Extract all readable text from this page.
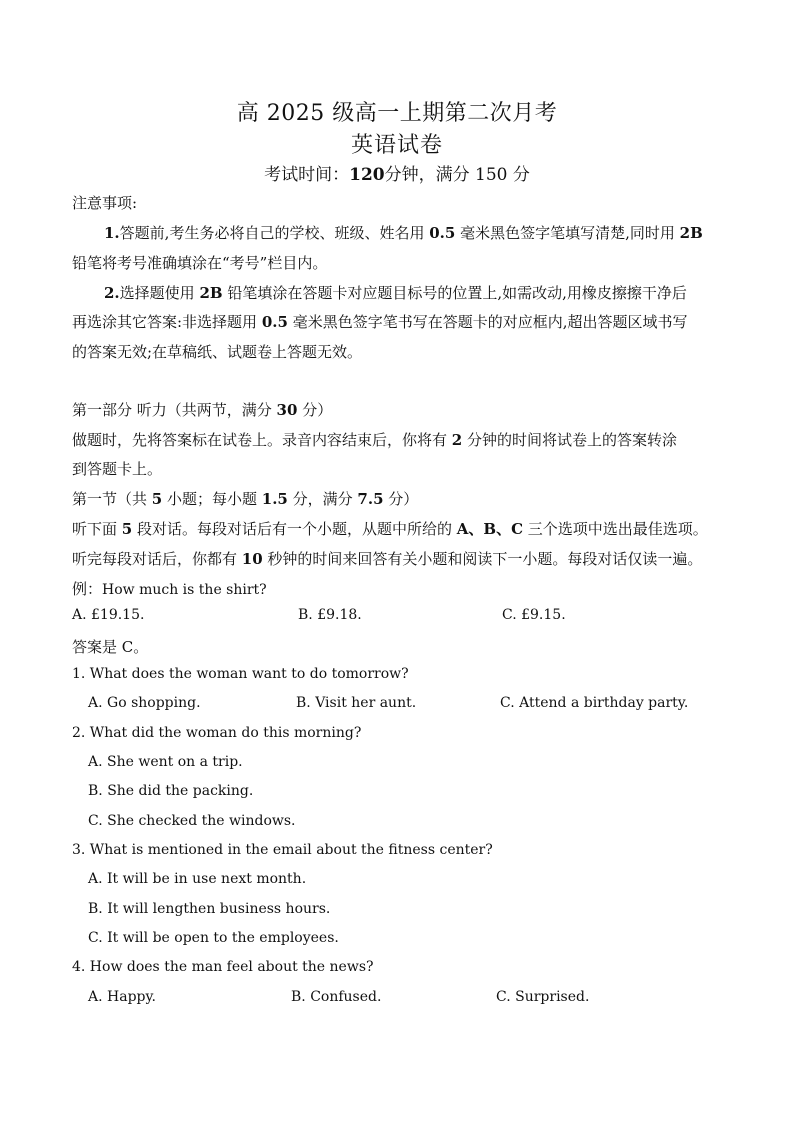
高 2025 级高一上期第二次月考
英语试卷
考试时间：120分钟，满分 150 分
注意事项:
1.答题前,考生务必将自己的学校、班级、姓名用 0.5 毫米黑色签字笔填写清楚,同时用 2B
铅笔将考号准确填涂在“考号”栏目内。
2.选择题使用 2B 铅笔填涂在答题卡对应题目标号的位置上,如需改动,用橡皮擦擦干净后
再选涂其它答案:非选择题用 0.5 毫米黑色签字笔书写在答题卡的对应框内,超出答题区域书写
的答案无效;在草稿纸、试题卷上答题无效。
第一部分 听力（共两节，满分 30 分）
做题时，先将答案标在试卷上。录音内容结束后，你将有 2 分钟的时间将试卷上的答案转涂
到答题卡上。
第一节（共 5 小题；每小题 1.5 分，满分 7.5 分）
听下面 5 段对话。每段对话后有一个小题，从题中所给的 A、B、C 三个选项中选出最佳选项。
听完每段对话后，你都有 10 秒钟的时间来回答有关小题和阅读下一小题。每段对话仅读一遍。
例：How much is the shirt?
A. £19.15.	B. £9.18.	C. £9.15.
答案是 C。
1. What does the woman want to do tomorrow?
A. Go shopping.	B. Visit her aunt.	C. Attend a birthday party.
2. What did the woman do this morning?
A. She went on a trip.
B. She did the packing.
C. She checked the windows.
3. What is mentioned in the email about the fitness center?
A. It will be in use next month.
B. It will lengthen business hours.
C. It will be open to the employees.
4. How does the man feel about the news?
A. Happy.	B. Confused.	C. Surprised.
